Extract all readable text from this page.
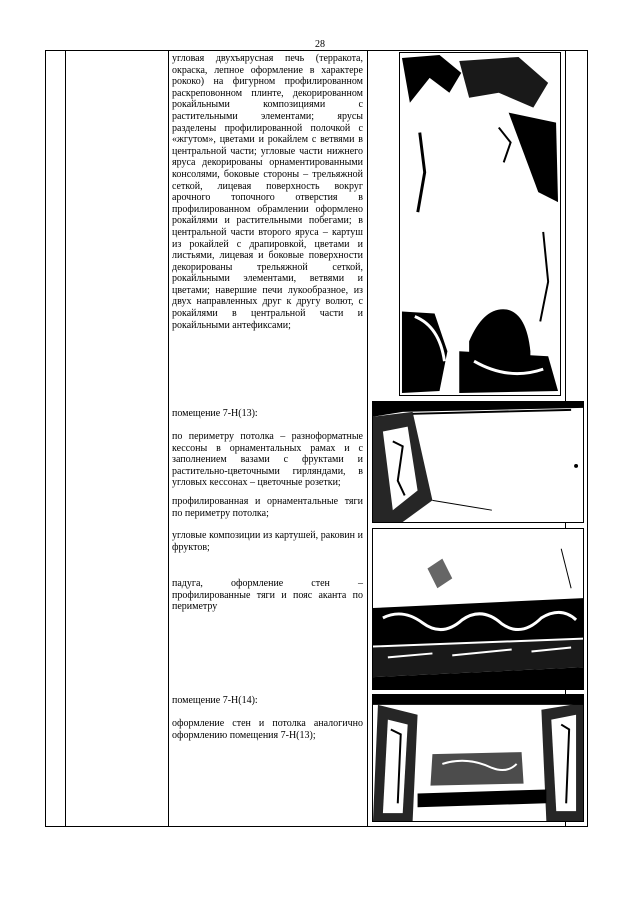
28
угловая двухъярусная печь (терракота, окраска, лепное оформление в характере рококо) на фигурном профилированном раскреповонном плинте, декорированном рокайльными композициями с растительными элементами; ярусы разделены профилированной полочкой с «жгутом», цветами и рокайлем с ветвями в центральной части; угловые части нижнего яруса декорированы орнаментированными консолями, боковые стороны – трельяжной сеткой, лицевая поверхность вокруг арочного топочного отверстия в профилированном обрамлении оформлено рокайлями и растительными побегами; в центральной части второго яруса – картуш из рокайлей с драпировкой, цветами и листьями, лицевая и боковые поверхности декорированы трельяжной сеткой, рокайльными элементами, ветвями и цветами; навершие печи лукообразное, из двух направленных друг к другу волют, с рокайлями в центральной части и рокайльными антефиксами;
помещение 7-Н(13):
по периметру потолка – разноформатные кессоны в орнаментальных рамах и с заполнением вазами с фруктами и растительно-цветочными гирляндами, в угловых кессонах – цветочные розетки;
профилированная и орнаментальные тяги по периметру потолка;
угловые композиции из картушей, раковин и фруктов;
падуга, оформление стен – профилированные тяги и пояс аканта по периметру
помещение 7-Н(14):
оформление стен и потолка аналогично оформлению помещения 7-Н(13);
